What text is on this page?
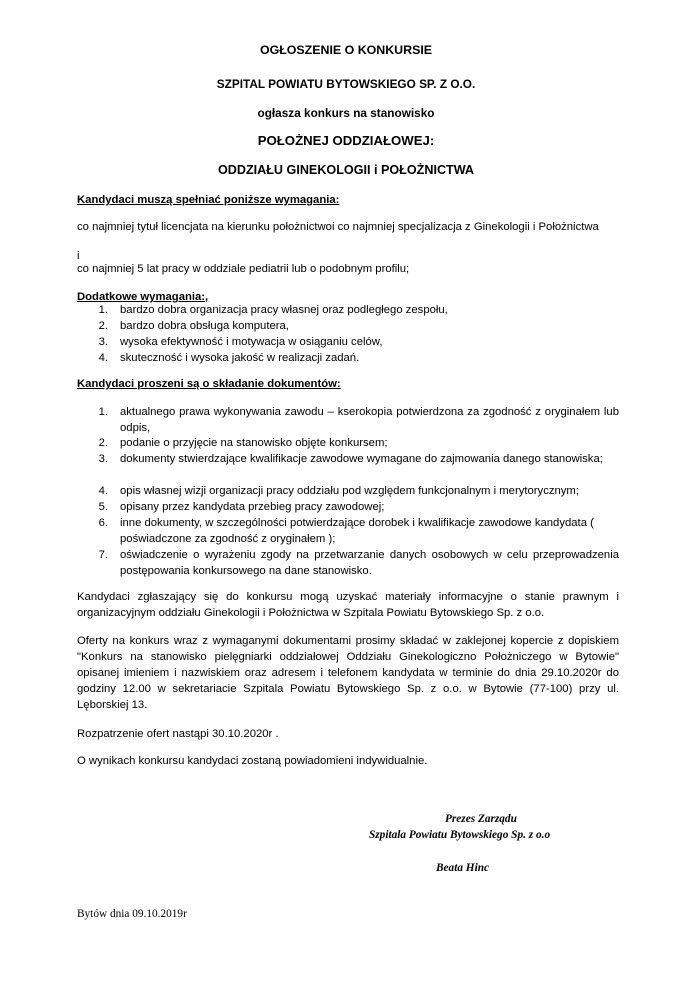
OGŁOSZENIE O KONKURSIE
SZPITAL POWIATU BYTOWSKIEGO SP. Z O.O.
ogłasza konkurs na stanowisko
POŁOŻNEJ ODDZIAŁOWEJ:
ODDZIAŁU GINEKOLOGII i POŁOŻNICTWA
Kandydaci muszą spełniać poniższe wymagania:
co najmniej tytuł licencjata na kierunku położnictwoi co najmniej specjalizacja z Ginekologii i Położnictwa
i
co najmniej 5 lat pracy w oddziale pediatrii lub o podobnym profilu;
Dodatkowe wymagania:,
1. bardzo dobra organizacja pracy własnej oraz podległego zespołu,
2. bardzo dobra obsługa komputera,
3. wysoka efektywność i motywacja w osiąganiu celów,
4. skuteczność i wysoka jakość w realizacji zadań.
Kandydaci proszeni są o składanie dokumentów:
1. aktualnego prawa wykonywania zawodu – kserokopia potwierdzona za zgodność z oryginałem lub odpis,
2. podanie o przyjęcie na stanowisko objęte konkursem;
3. dokumenty stwierdzające kwalifikacje zawodowe wymagane do zajmowania danego stanowiska;
4. opis własnej wizji organizacji pracy oddziału pod względem funkcjonalnym i merytorycznym;
5. opisany przez kandydata przebieg pracy zawodowej;
6. inne dokumenty, w szczególności potwierdzające dorobek i kwalifikacje zawodowe kandydata ( poświadczone za zgodność z oryginałem );
7. oświadczenie o wyrażeniu zgody na przetwarzanie danych osobowych w celu przeprowadzenia postępowania konkursowego na dane stanowisko.
Kandydaci zgłaszający się do konkursu mogą uzyskać materiały informacyjne o stanie prawnym i organizacyjnym oddziału Ginekologii i Położnictwa w Szpitala Powiatu Bytowskiego Sp. z o.o.
Oferty na konkurs wraz z wymaganymi dokumentami prosimy składać w zaklejonej kopercie z dopiskiem "Konkurs na stanowisko pielęgniarki oddziałowej Oddziału Ginekologiczno Położniczego w Bytowie" opisanej imieniem i nazwiskiem oraz adresem i telefonem kandydata w terminie do dnia 29.10.2020r do godziny 12.00 w sekretariacie Szpitala Powiatu Bytowskiego Sp. z o.o. w Bytowie (77-100) przy ul. Lęborskiej 13.
Rozpatrzenie ofert nastąpi 30.10.2020r .
O wynikach konkursu kandydaci zostaną powiadomieni indywidualnie.
Prezes Zarządu
Szpitala Powiatu Bytowskiego Sp. z o.o
Beata Hinc
Bytów dnia 09.10.2019r
